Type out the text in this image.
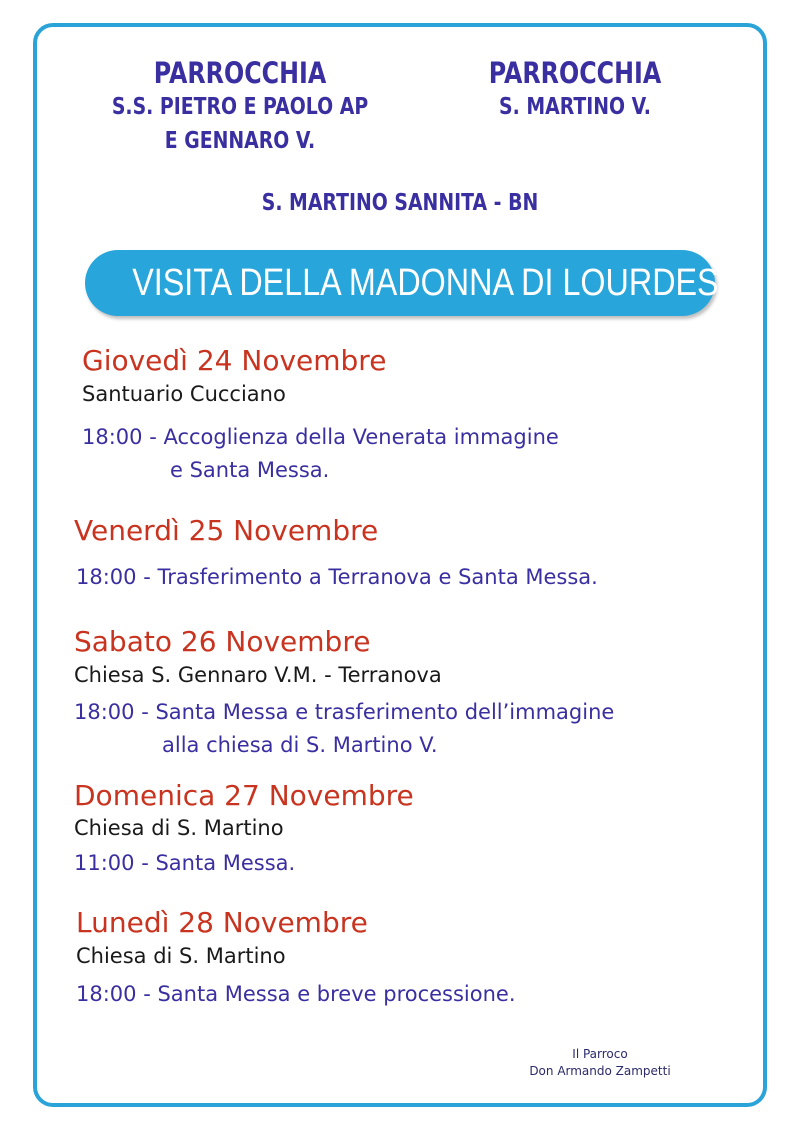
PARROCCHIA
S.S. PIETRO E PAOLO AP
E GENNARO V.
PARROCCHIA
S. MARTINO V.
S. MARTINO SANNITA - BN
VISITA DELLA MADONNA DI LOURDES
Giovedì 24 Novembre
Santuario Cucciano
18:00 - Accoglienza della Venerata immagine
e Santa Messa.
Venerdì 25 Novembre
18:00 - Trasferimento a Terranova e Santa Messa.
Sabato 26 Novembre
Chiesa S. Gennaro V.M. - Terranova
18:00 - Santa Messa e trasferimento dell’immagine
alla chiesa di S. Martino V.
Domenica 27 Novembre
Chiesa di S. Martino
11:00 - Santa Messa.
Lunedì 28 Novembre
Chiesa di S. Martino
18:00 - Santa Messa e breve processione.
Il Parroco
Don Armando Zampetti
